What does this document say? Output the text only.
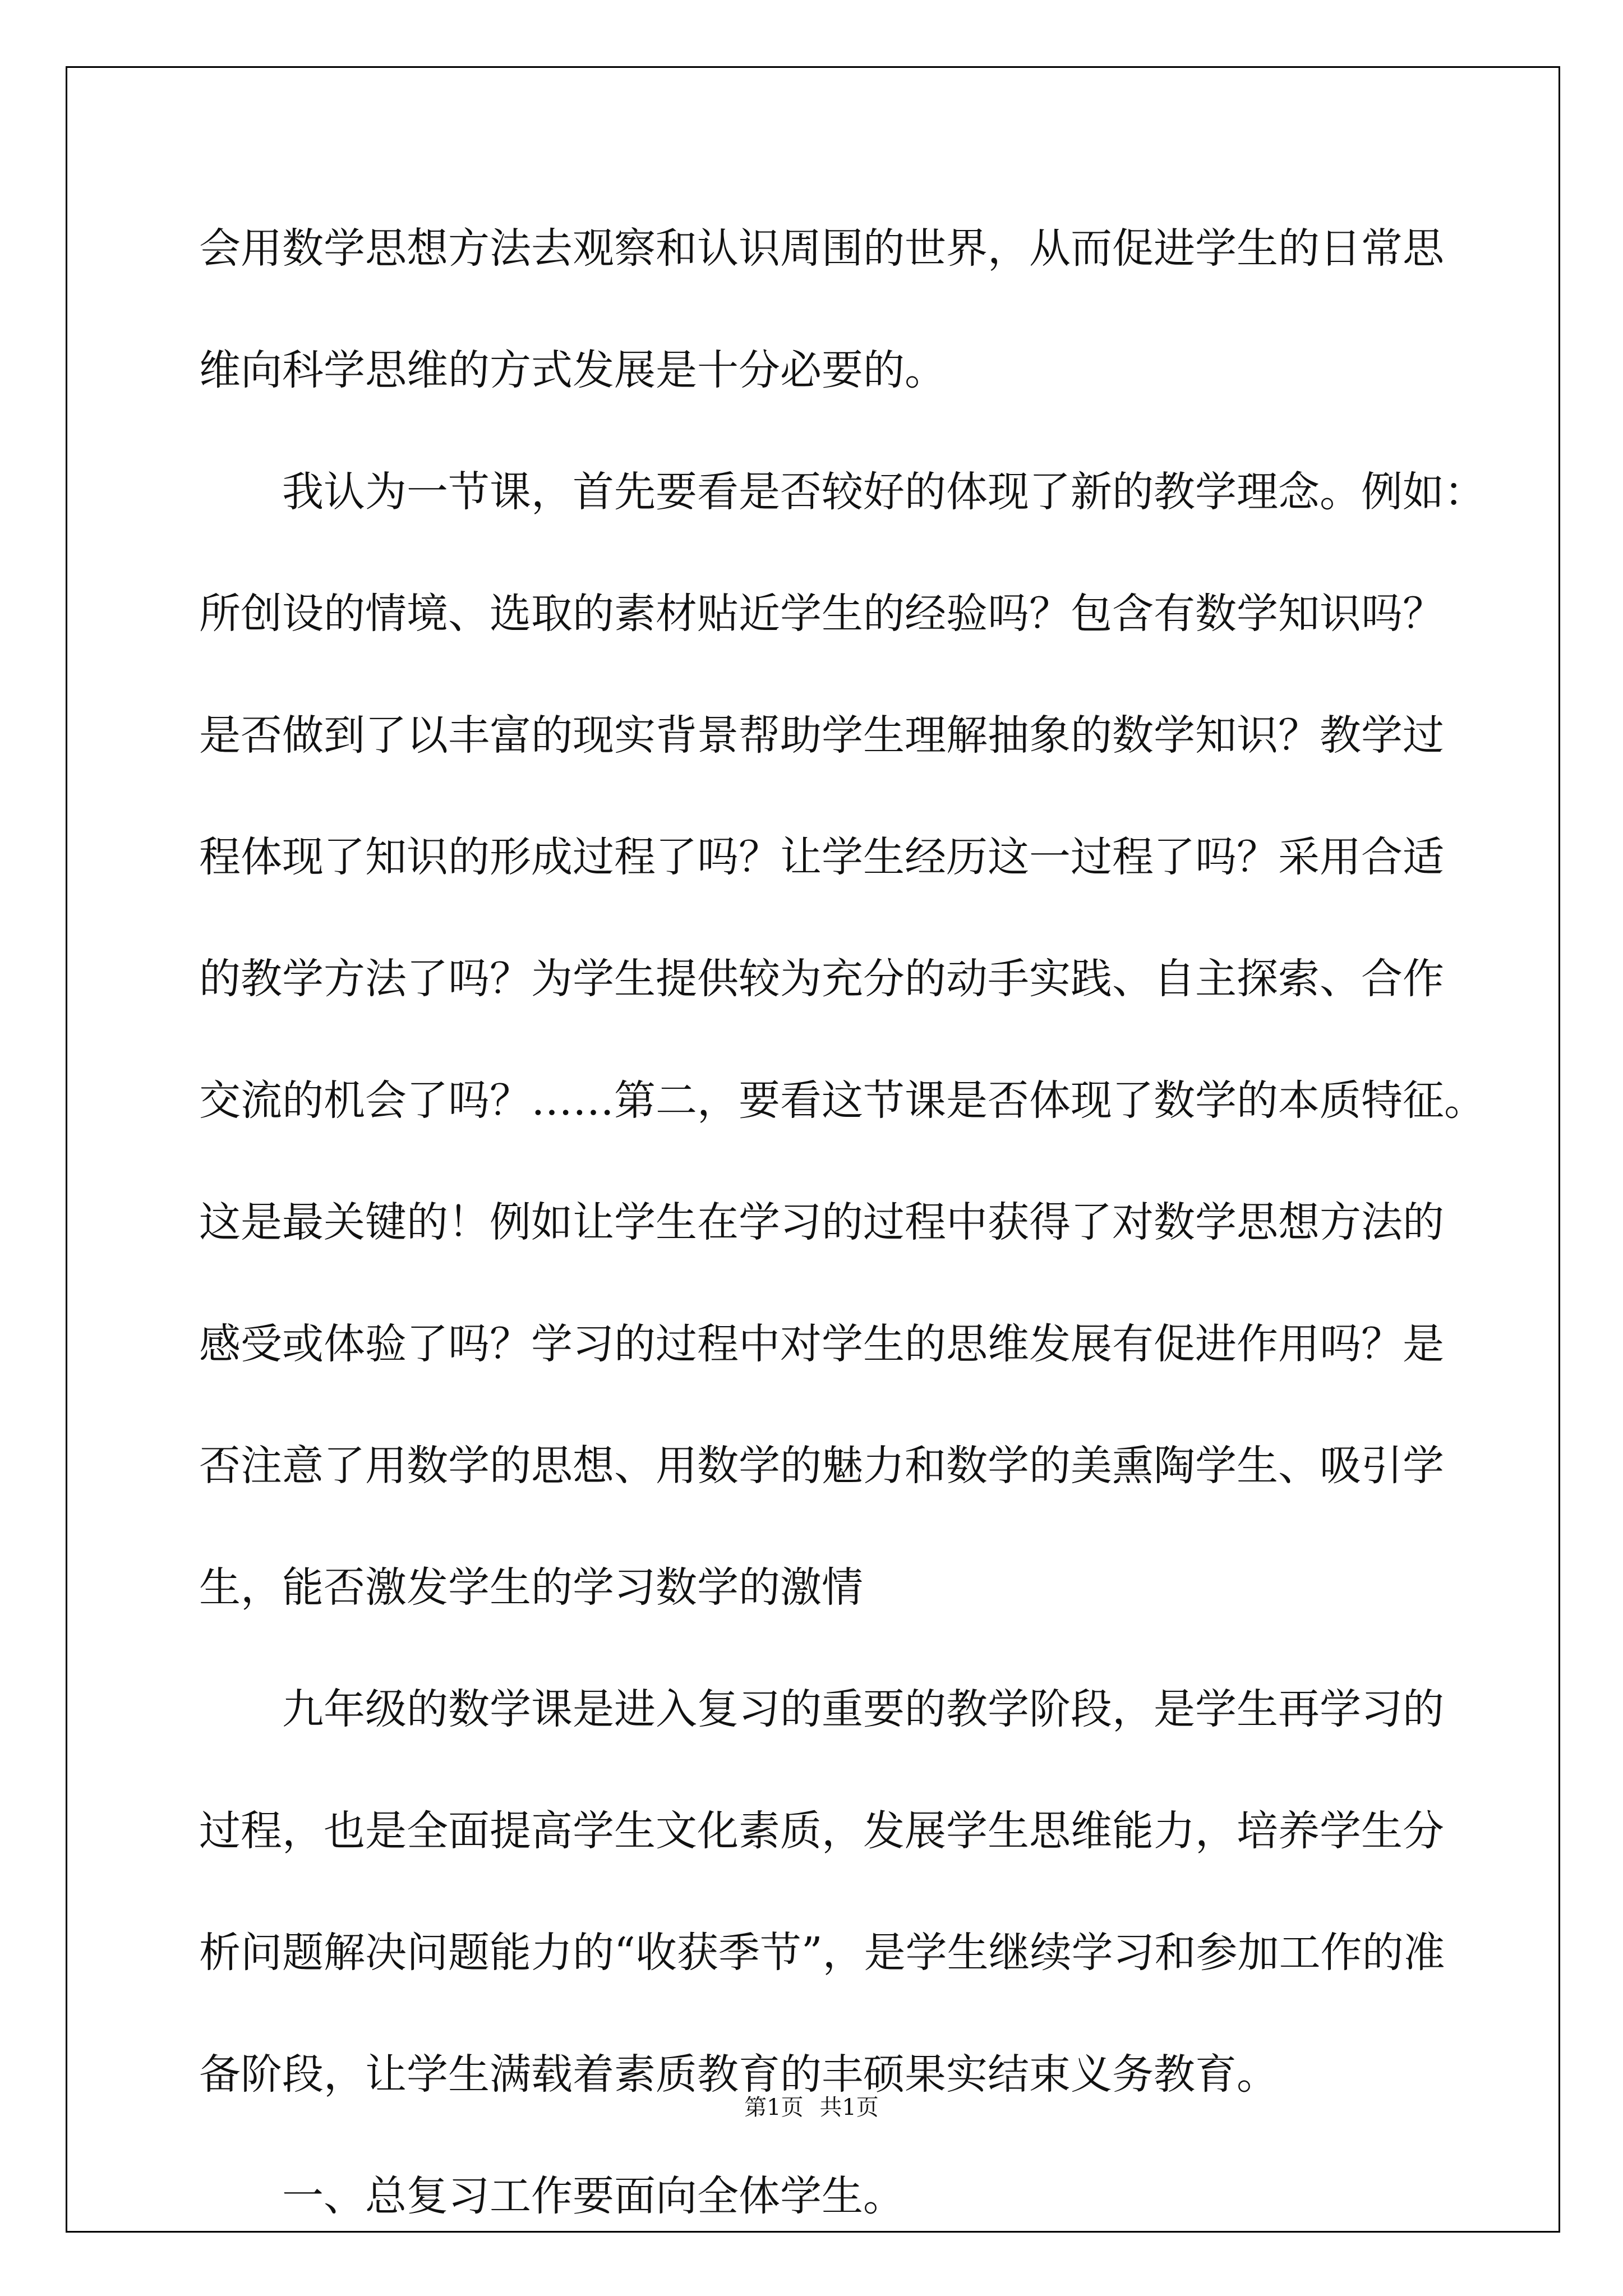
会用数学思想方法去观察和认识周围的世界，从而促进学生的日常思
维向科学思维的方式发展是十分必要的。
我认为一节课，首先要看是否较好的体现了新的教学理念。例如：
所创设的情境、选取的素材贴近学生的经验吗？包含有数学知识吗？
是否做到了以丰富的现实背景帮助学生理解抽象的数学知识？教学过
程体现了知识的形成过程了吗？让学生经历这一过程了吗？采用合适
的教学方法了吗？为学生提供较为充分的动手实践、自主探索、合作
交流的机会了吗？……第二，要看这节课是否体现了数学的本质特征。
这是最关键的！例如让学生在学习的过程中获得了对数学思想方法的
感受或体验了吗？学习的过程中对学生的思维发展有促进作用吗？是
否注意了用数学的思想、用数学的魅力和数学的美熏陶学生、吸引学
生，能否激发学生的学习数学的激情
九年级的数学课是进入复习的重要的教学阶段，是学生再学习的
过程，也是全面提高学生文化素质，发展学生思维能力，培养学生分
析问题解决问题能力的“收获季节”，是学生继续学习和参加工作的准
备阶段，让学生满载着素质教育的丰硕果实结束义务教育。
一、总复习工作要面向全体学生。
第1页 共1页
